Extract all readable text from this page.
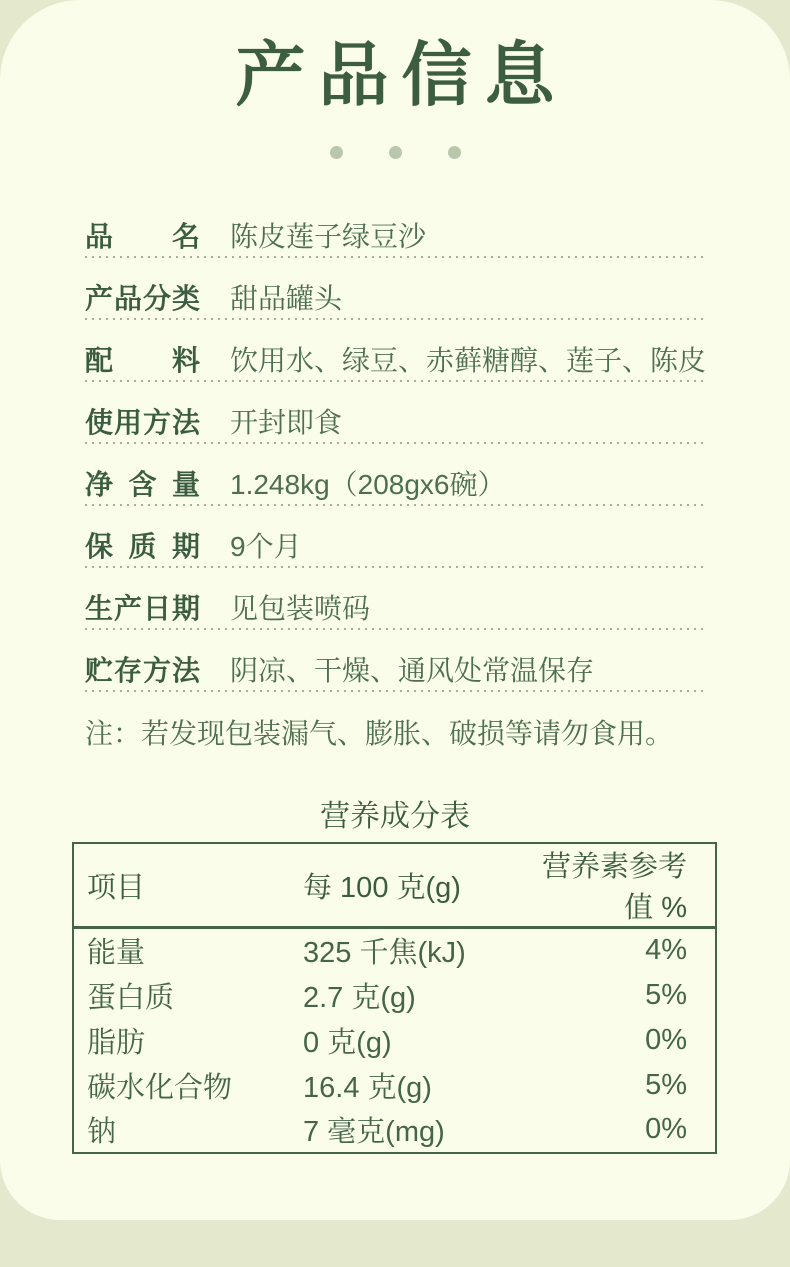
产品信息
品名 陈皮莲子绿豆沙
产品分类 甜品罐头
配料 饮用水、绿豆、赤藓糖醇、莲子、陈皮
使用方法 开封即食
净含量 1.248kg（208gx6碗）
保质期 9个月
生产日期 见包装喷码
贮存方法 阴凉、干燥、通风处常温保存

注：若发现包装漏气、膨胀、破损等请勿食用。

营养成分表
项目	每 100 克(g)	营养素参考值 %
能量	325 千焦(kJ)	4%
蛋白质	2.7 克(g)	5%
脂肪	0 克(g)	0%
碳水化合物	16.4 克(g)	5%
钠	7 毫克(mg)	0%
